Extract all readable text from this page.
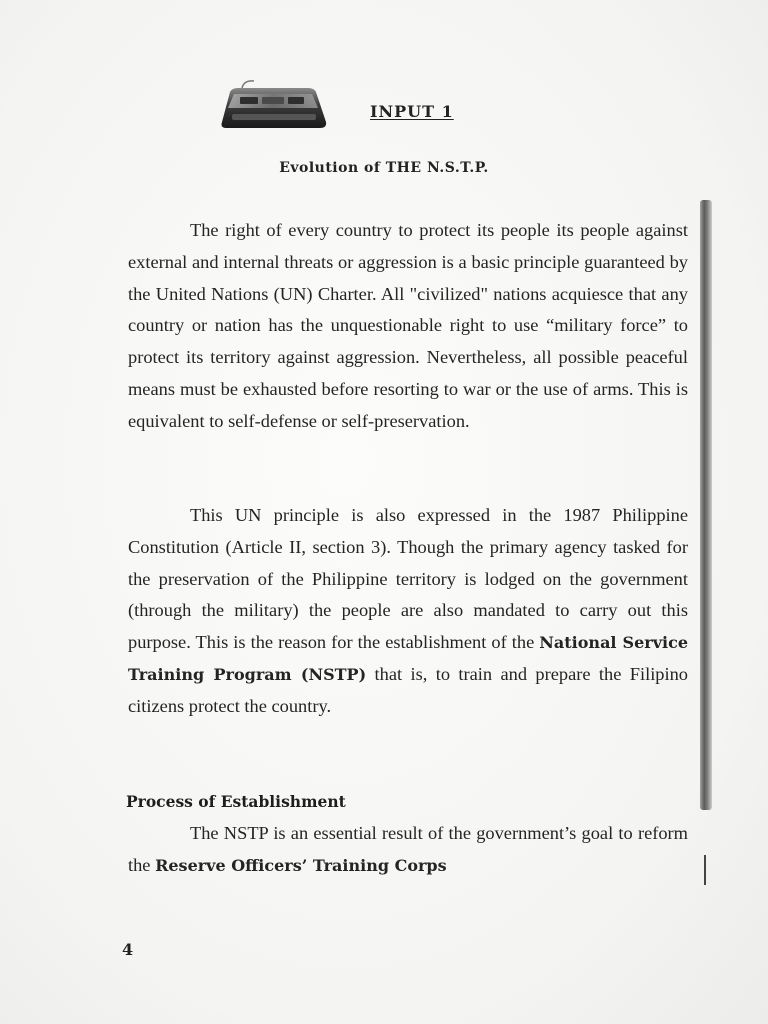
INPUT 1
Evolution of THE N.S.T.P.

The right of every country to protect its people its people against external and internal threats or aggression is a basic principle guaranteed by the United Nations (UN) Charter. All "civilized" nations acquiesce that any country or nation has the unquestionable right to use “military force” to protect its territory against aggression. Nevertheless, all possible peaceful means must be exhausted before resorting to war or the use of arms. This is equivalent to self-defense or self-preservation.

This UN principle is also expressed in the 1987 Philippine Constitution (Article II, section 3). Though the primary agency tasked for the preservation of the Philippine territory is lodged on the government (through the military) the people are also mandated to carry out this purpose. This is the reason for the establishment of the National Service Training Program (NSTP) that is, to train and prepare the Filipino citizens protect the country.

Process of Establishment

The NSTP is an essential result of the government’s goal to reform the Reserve Officers’ Training Corps

4
